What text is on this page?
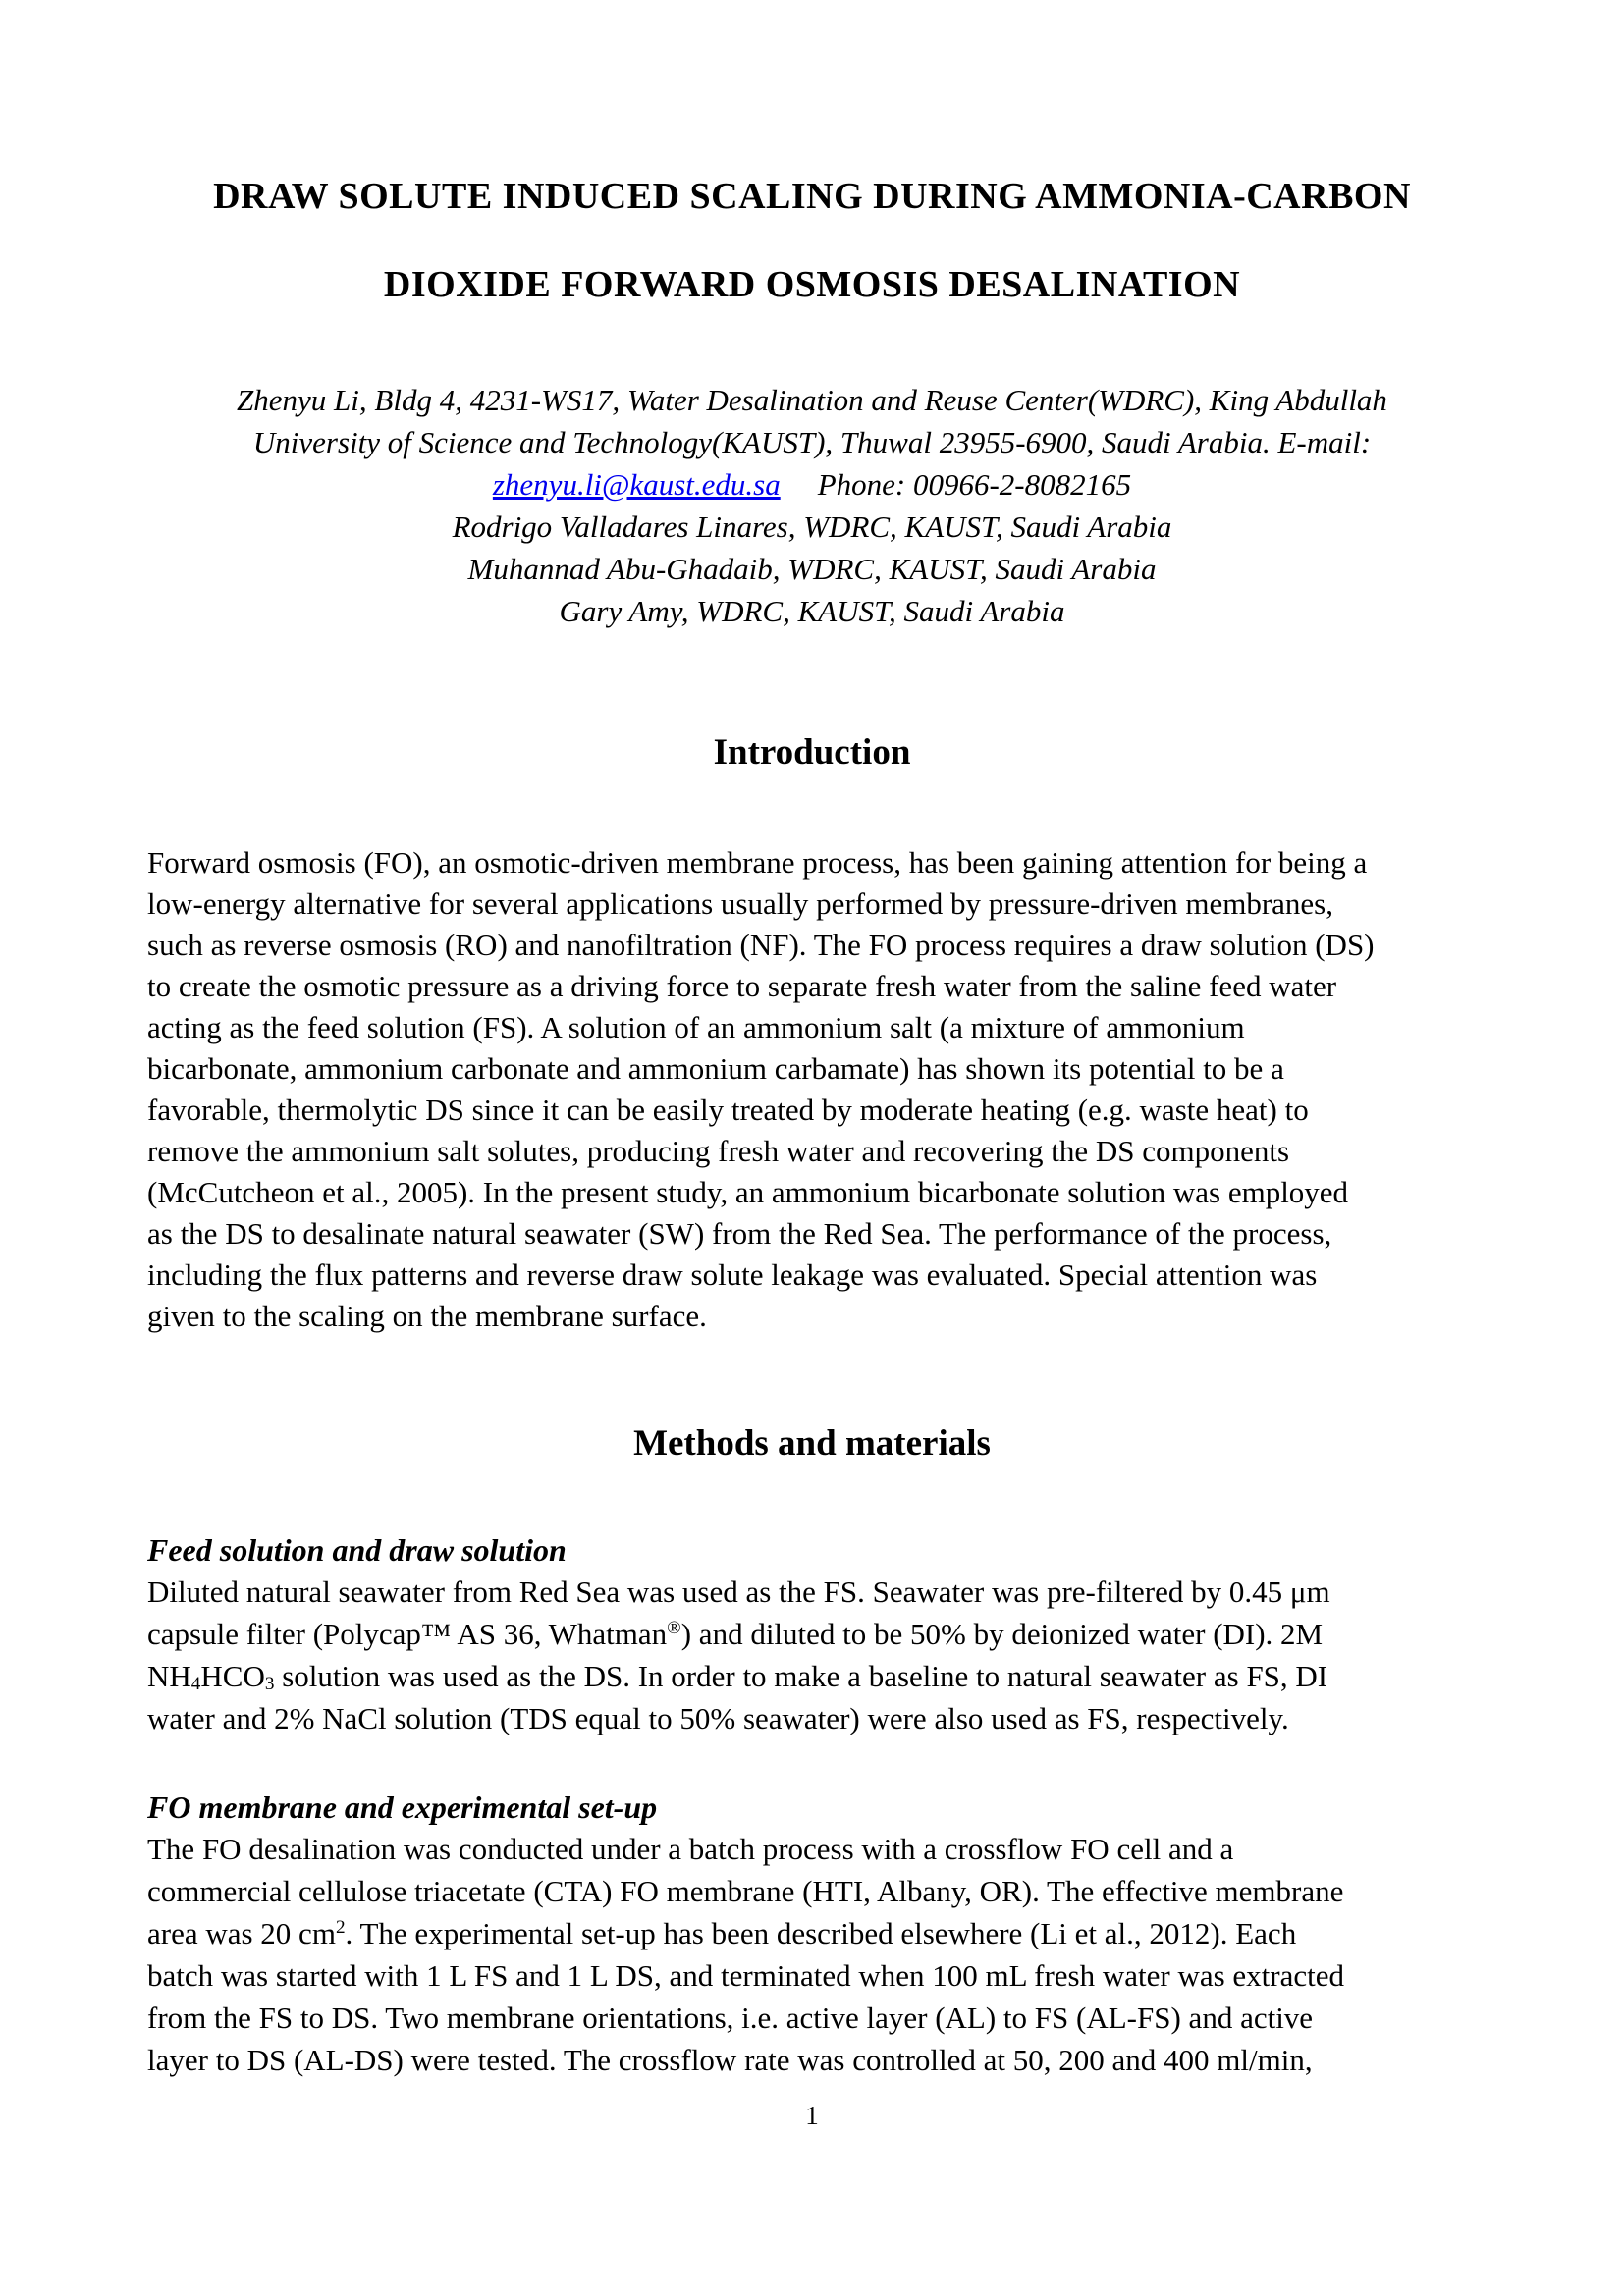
DRAW SOLUTE INDUCED SCALING DURING AMMONIA-CARBON
DIOXIDE FORWARD OSMOSIS DESALINATION
Zhenyu Li, Bldg 4, 4231-WS17, Water Desalination and Reuse Center(WDRC), King Abdullah
University of Science and Technology(KAUST), Thuwal 23955-6900, Saudi Arabia. E-mail:
zhenyu.li@kaust.edu.sa Phone: 00966-2-8082165
Rodrigo Valladares Linares, WDRC, KAUST, Saudi Arabia
Muhannad Abu-Ghadaib, WDRC, KAUST, Saudi Arabia
Gary Amy, WDRC, KAUST, Saudi Arabia
Introduction
Forward osmosis (FO), an osmotic-driven membrane process, has been gaining attention for being a
low-energy alternative for several applications usually performed by pressure-driven membranes,
such as reverse osmosis (RO) and nanofiltration (NF). The FO process requires a draw solution (DS)
to create the osmotic pressure as a driving force to separate fresh water from the saline feed water
acting as the feed solution (FS). A solution of an ammonium salt (a mixture of ammonium
bicarbonate, ammonium carbonate and ammonium carbamate) has shown its potential to be a
favorable, thermolytic DS since it can be easily treated by moderate heating (e.g. waste heat) to
remove the ammonium salt solutes, producing fresh water and recovering the DS components
(McCutcheon et al., 2005). In the present study, an ammonium bicarbonate solution was employed
as the DS to desalinate natural seawater (SW) from the Red Sea. The performance of the process,
including the flux patterns and reverse draw solute leakage was evaluated. Special attention was
given to the scaling on the membrane surface.
Methods and materials
Feed solution and draw solution
Diluted natural seawater from Red Sea was used as the FS. Seawater was pre-filtered by 0.45 μm
capsule filter (Polycap™ AS 36, Whatman®) and diluted to be 50% by deionized water (DI). 2M
$NH_4HCO_3$ solution was used as the DS. In order to make a baseline to natural seawater as FS, DI
water and 2% NaCl solution (TDS equal to 50% seawater) were also used as FS, respectively.
FO membrane and experimental set-up
The FO desalination was conducted under a batch process with a crossflow FO cell and a
commercial cellulose triacetate (CTA) FO membrane (HTI, Albany, OR). The effective membrane
area was 20 $cm^2$. The experimental set-up has been described elsewhere (Li et al., 2012). Each
batch was started with 1 L FS and 1 L DS, and terminated when 100 mL fresh water was extracted
from the FS to DS. Two membrane orientations, i.e. active layer (AL) to FS (AL-FS) and active
layer to DS (AL-DS) were tested. The crossflow rate was controlled at 50, 200 and 400 ml/min,
1
